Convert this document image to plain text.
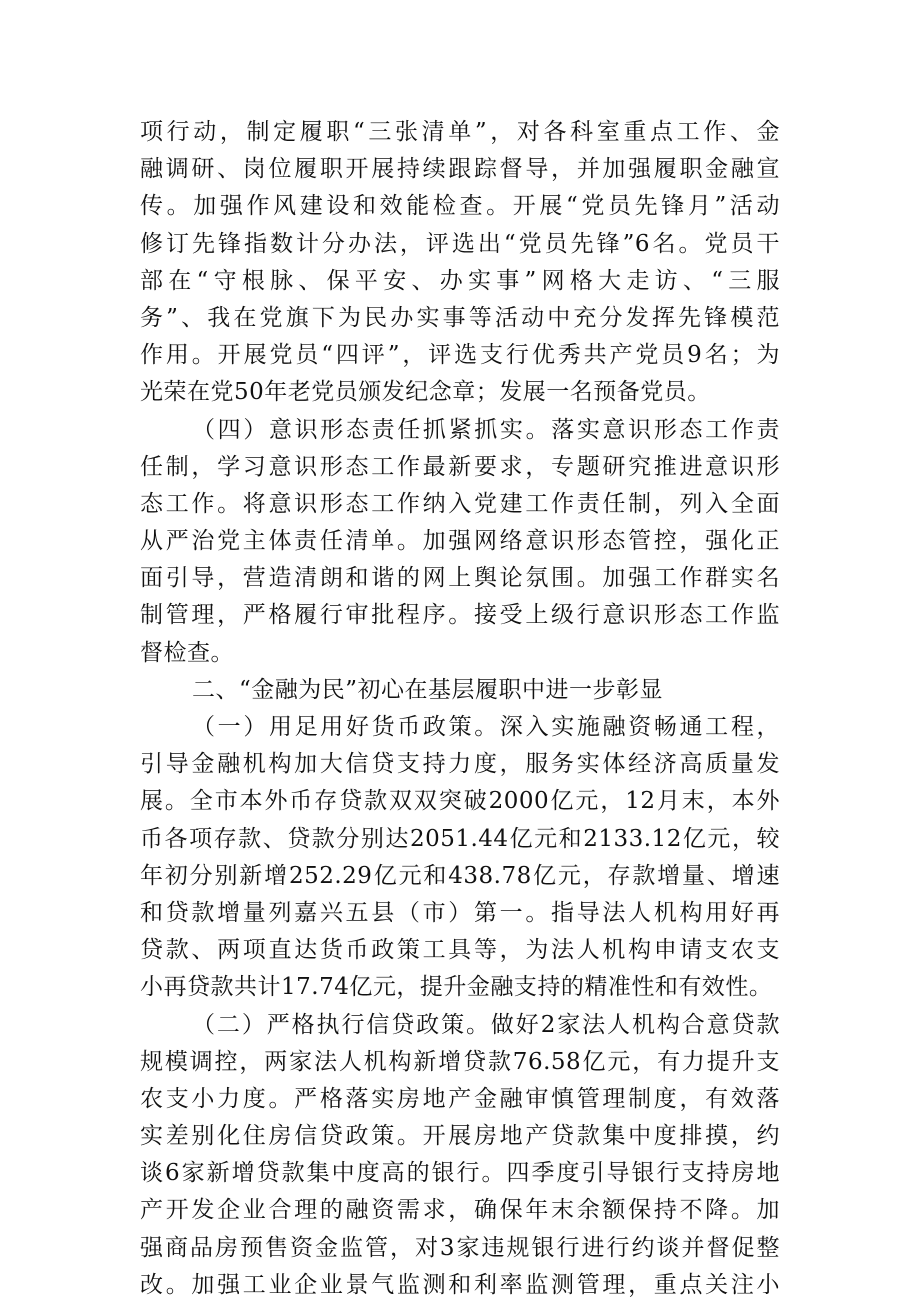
项行动，制定履职“三张清单”，对各科室重点工作、金
融调研、岗位履职开展持续跟踪督导，并加强履职金融宣
传。加强作风建设和效能检查。开展“党员先锋月”活动
修订先锋指数计分办法，评选出“党员先锋”6名。党员干
部在“守根脉、保平安、办实事”网格大走访、“三服
务”、我在党旗下为民办实事等活动中充分发挥先锋模范
作用。开展党员“四评”，评选支行优秀共产党员9名；为
光荣在党50年老党员颁发纪念章；发展一名预备党员。
（四）意识形态责任抓紧抓实。落实意识形态工作责
任制，学习意识形态工作最新要求，专题研究推进意识形
态工作。将意识形态工作纳入党建工作责任制，列入全面
从严治党主体责任清单。加强网络意识形态管控，强化正
面引导，营造清朗和谐的网上舆论氛围。加强工作群实名
制管理，严格履行审批程序。接受上级行意识形态工作监
督检查。
二、“金融为民”初心在基层履职中进一步彰显
（一）用足用好货币政策。深入实施融资畅通工程，
引导金融机构加大信贷支持力度，服务实体经济高质量发
展。全市本外币存贷款双双突破2000亿元，12月末，本外
币各项存款、贷款分别达2051.44亿元和2133.12亿元，较
年初分别新增252.29亿元和438.78亿元，存款增量、增速
和贷款增量列嘉兴五县（市）第一。指导法人机构用好再
贷款、两项直达货币政策工具等，为法人机构申请支农支
小再贷款共计17.74亿元，提升金融支持的精准性和有效性。
（二）严格执行信贷政策。做好2家法人机构合意贷款
规模调控，两家法人机构新增贷款76.58亿元，有力提升支
农支小力度。严格落实房地产金融审慎管理制度，有效落
实差别化住房信贷政策。开展房地产贷款集中度排摸，约
谈6家新增贷款集中度高的银行。四季度引导银行支持房地
产开发企业合理的融资需求，确保年末余额保持不降。加
强商品房预售资金监管，对3家违规银行进行约谈并督促整
改。加强工业企业景气监测和利率监测管理，重点关注小
